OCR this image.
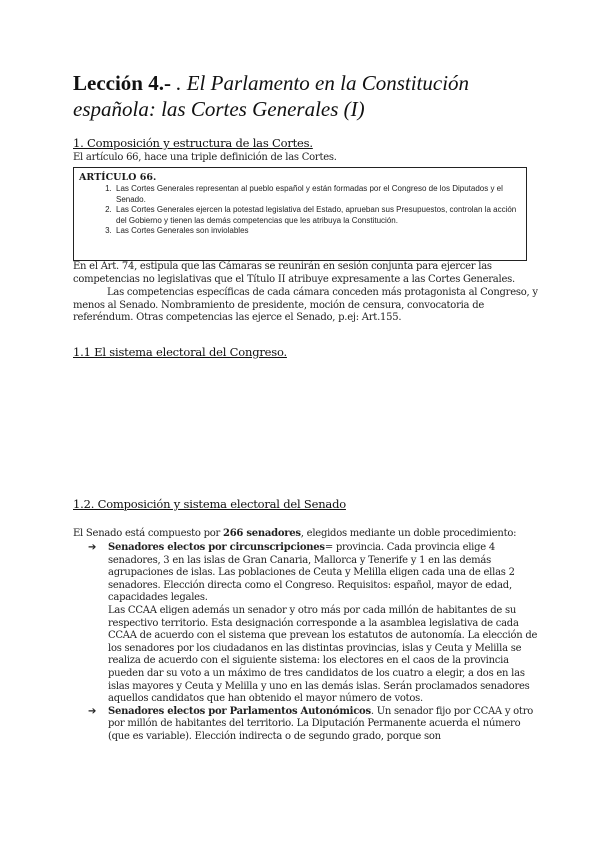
Lección 4.- . El Parlamento en la Constitución española: las Cortes Generales (I)
1. Composición y estructura de las Cortes.
El artículo 66, hace una triple definición de las Cortes.
ARTÍCULO 66.
1. Las Cortes Generales representan al pueblo español y están formadas por el Congreso de los Diputados y el Senado.
2. Las Cortes Generales ejercen la potestad legislativa del Estado, aprueban sus Presupuestos, controlan la acción del Gobierno y tienen las demás competencias que les atribuya la Constitución.
3. Las Cortes Generales son inviolables
En el Art. 74, estipula que las Cámaras se reunirán en sesión conjunta para ejercer las competencias no legislativas que el Título II atribuye expresamente a las Cortes Generales.
Las competencias específicas de cada cámara conceden más protagonista al Congreso, y menos al Senado. Nombramiento de presidente, moción de censura, convocatoria de referéndum. Otras competencias las ejerce el Senado, p.ej: Art.155.
1.1 El sistema electoral del Congreso.
1.2. Composición y sistema electoral del Senado
El Senado está compuesto por 266 senadores, elegidos mediante un doble procedimiento:
➔ Senadores electos por circunscripciones= provincia. Cada provincia elige 4 senadores, 3 en las islas de Gran Canaria, Mallorca y Tenerife y 1 en las demás agrupaciones de islas. Las poblaciones de Ceuta y Melilla eligen cada una de ellas 2 senadores. Elección directa como el Congreso. Requisitos: español, mayor de edad, capacidades legales.
Las CCAA eligen además un senador y otro más por cada millón de habitantes de su respectivo territorio. Esta designación corresponde a la asamblea legislativa de cada CCAA de acuerdo con el sistema que prevean los estatutos de autonomía. La elección de los senadores por los ciudadanos en las distintas provincias, islas y Ceuta y Melilla se realiza de acuerdo con el siguiente sistema: los electores en el caos de la provincia pueden dar su voto a un máximo de tres candidatos de los cuatro a elegir, a dos en las islas mayores y Ceuta y Melilla y uno en las demás islas. Serán proclamados senadores aquellos candidatos que han obtenido el mayor número de votos.
➔ Senadores electos por Parlamentos Autonómicos. Un senador fijo por CCAA y otro por millón de habitantes del territorio. La Diputación Permanente acuerda el número (que es variable). Elección indirecta o de segundo grado, porque son
